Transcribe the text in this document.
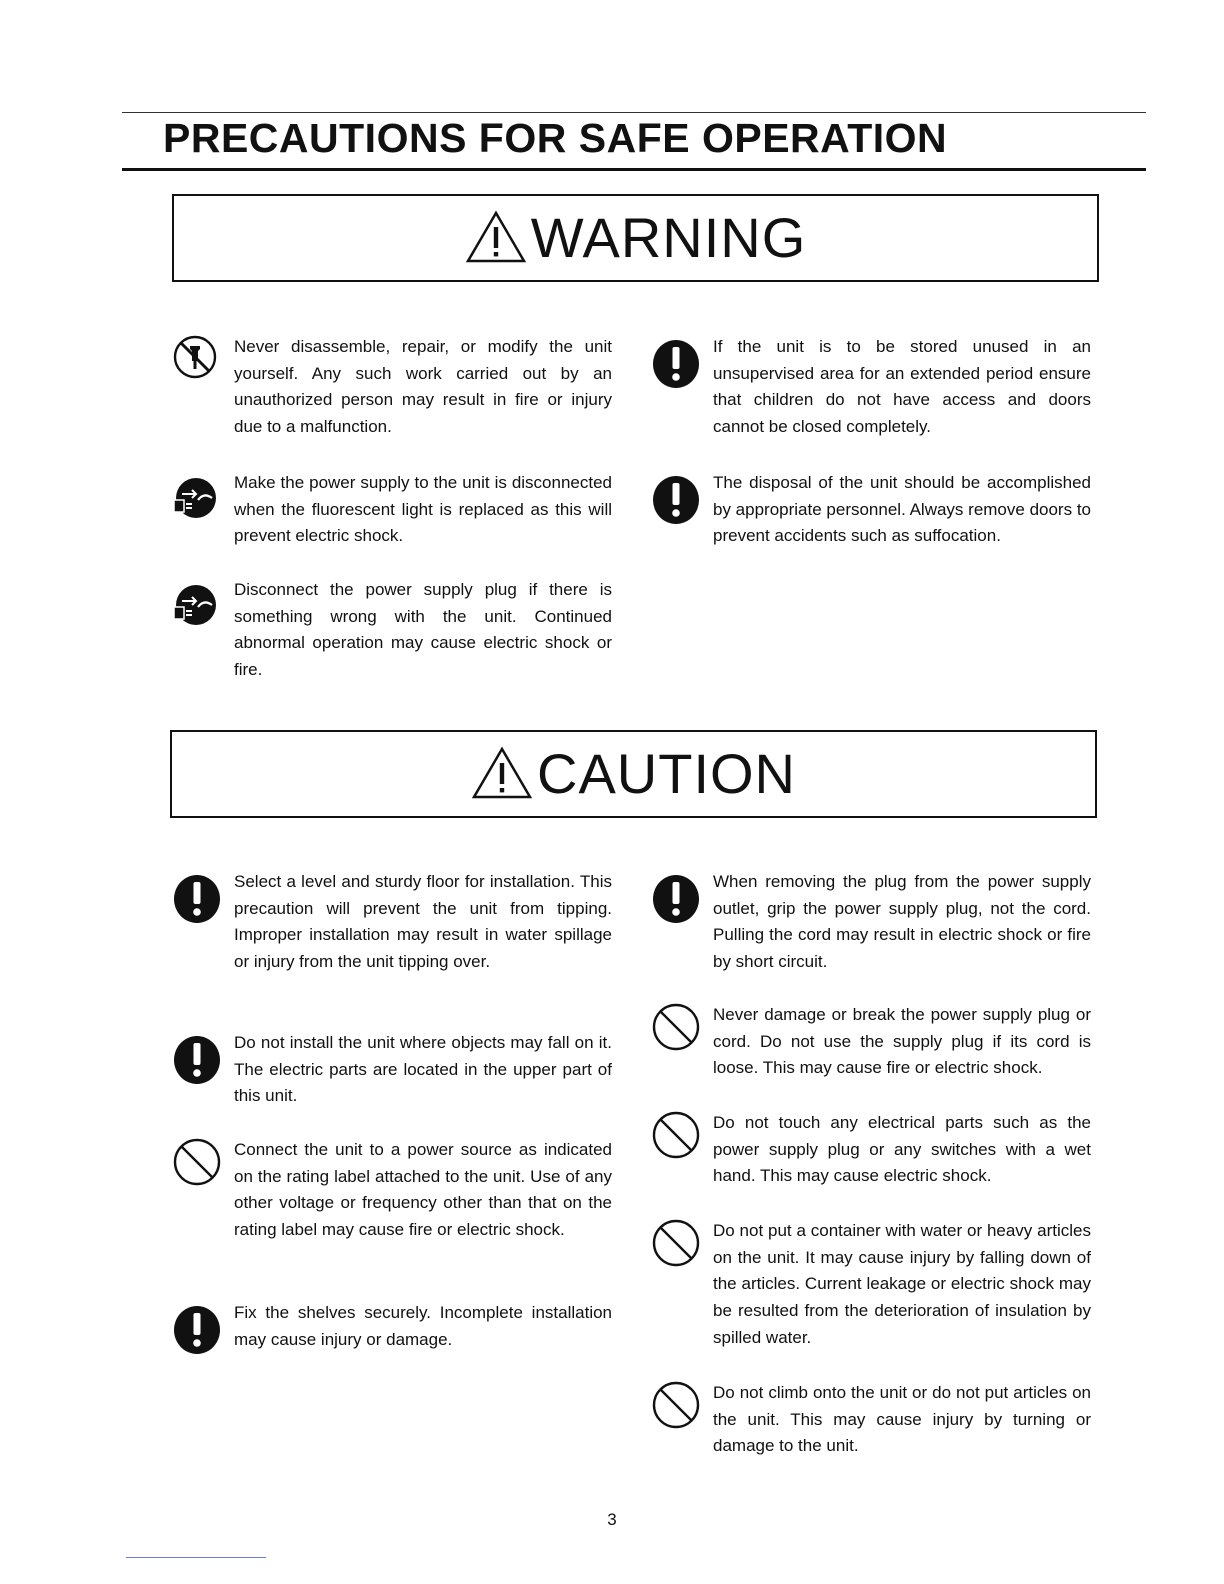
PRECAUTIONS FOR SAFE OPERATION
WARNING

Never disassemble, repair, or modify the unit yourself. Any such work carried out by an unauthorized person may result in fire or injury due to a malfunction.

Make the power supply to the unit is disconnected when the fluorescent light is replaced as this will prevent electric shock.

Disconnect the power supply plug if there is something wrong with the unit. Continued abnormal operation may cause electric shock or fire.

If the unit is to be stored unused in an unsupervised area for an extended period ensure that children do not have access and doors cannot be closed completely.

The disposal of the unit should be accomplished by appropriate personnel. Always remove doors to prevent accidents such as suffocation.

CAUTION

Select a level and sturdy floor for installation. This precaution will prevent the unit from tipping. Improper installation may result in water spillage or injury from the unit tipping over.

Do not install the unit where objects may fall on it. The electric parts are located in the upper part of this unit.

Connect the unit to a power source as indicated on the rating label attached to the unit. Use of any other voltage or frequency other than that on the rating label may cause fire or electric shock.

Fix the shelves securely. Incomplete installation may cause injury or damage.

When removing the plug from the power supply outlet, grip the power supply plug, not the cord. Pulling the cord may result in electric shock or fire by short circuit.

Never damage or break the power supply plug or cord. Do not use the supply plug if its cord is loose. This may cause fire or electric shock.

Do not touch any electrical parts such as the power supply plug or any switches with a wet hand. This may cause electric shock.

Do not put a container with water or heavy articles on the unit. It may cause injury by falling down of the articles. Current leakage or electric shock may be resulted from the deterioration of insulation by spilled water.

Do not climb onto the unit or do not put articles on the unit. This may cause injury by turning or damage to the unit.

3
